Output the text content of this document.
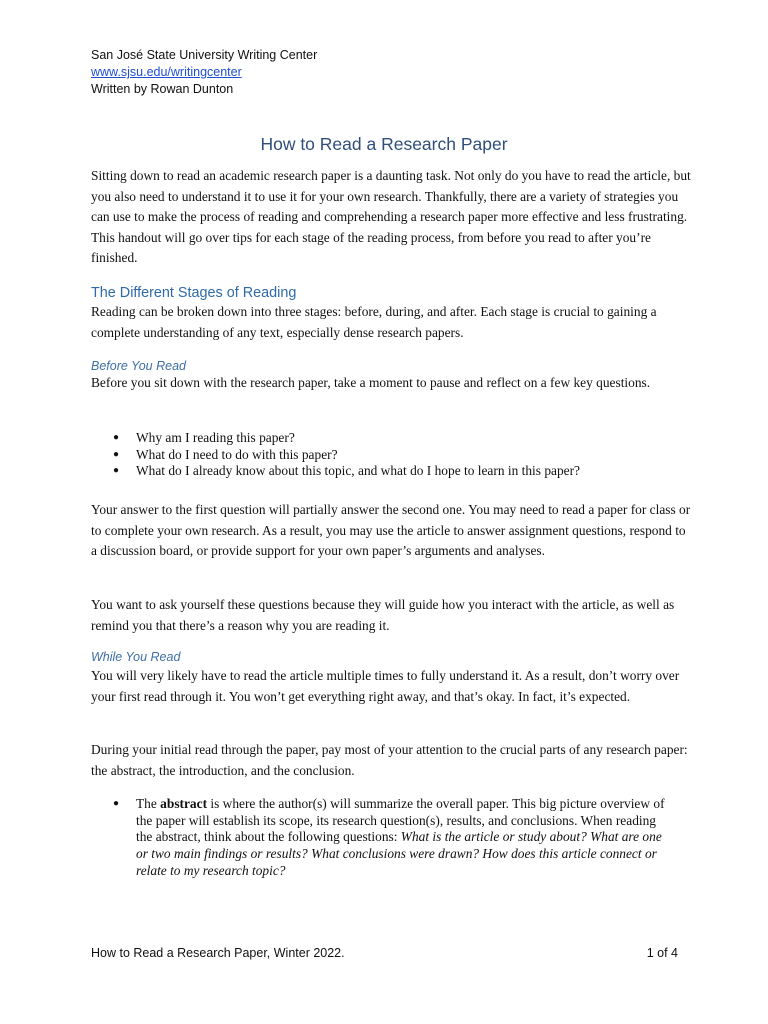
San José State University Writing Center
www.sjsu.edu/writingcenter
Written by Rowan Dunton
How to Read a Research Paper
Sitting down to read an academic research paper is a daunting task. Not only do you have to read the article, but you also need to understand it to use it for your own research. Thankfully, there are a variety of strategies you can use to make the process of reading and comprehending a research paper more effective and less frustrating. This handout will go over tips for each stage of the reading process, from before you read to after you’re finished.
The Different Stages of Reading
Reading can be broken down into three stages: before, during, and after. Each stage is crucial to gaining a complete understanding of any text, especially dense research papers.
Before You Read
Before you sit down with the research paper, take a moment to pause and reflect on a few key questions.
● Why am I reading this paper?
● What do I need to do with this paper?
● What do I already know about this topic, and what do I hope to learn in this paper?
Your answer to the first question will partially answer the second one. You may need to read a paper for class or to complete your own research. As a result, you may use the article to answer assignment questions, respond to a discussion board, or provide support for your own paper’s arguments and analyses.
You want to ask yourself these questions because they will guide how you interact with the article, as well as remind you that there’s a reason why you are reading it.
While You Read
You will very likely have to read the article multiple times to fully understand it. As a result, don’t worry over your first read through it. You won’t get everything right away, and that’s okay. In fact, it’s expected.
During your initial read through the paper, pay most of your attention to the crucial parts of any research paper: the abstract, the introduction, and the conclusion.
●	The abstract is where the author(s) will summarize the overall paper. This big picture overview of the paper will establish its scope, its research question(s), results, and conclusions. When reading the abstract, think about the following questions: What is the article or study about? What are one or two main findings or results? What conclusions were drawn? How does this article connect or relate to my research topic?
How to Read a Research Paper, Winter 2022.	1 of 4
